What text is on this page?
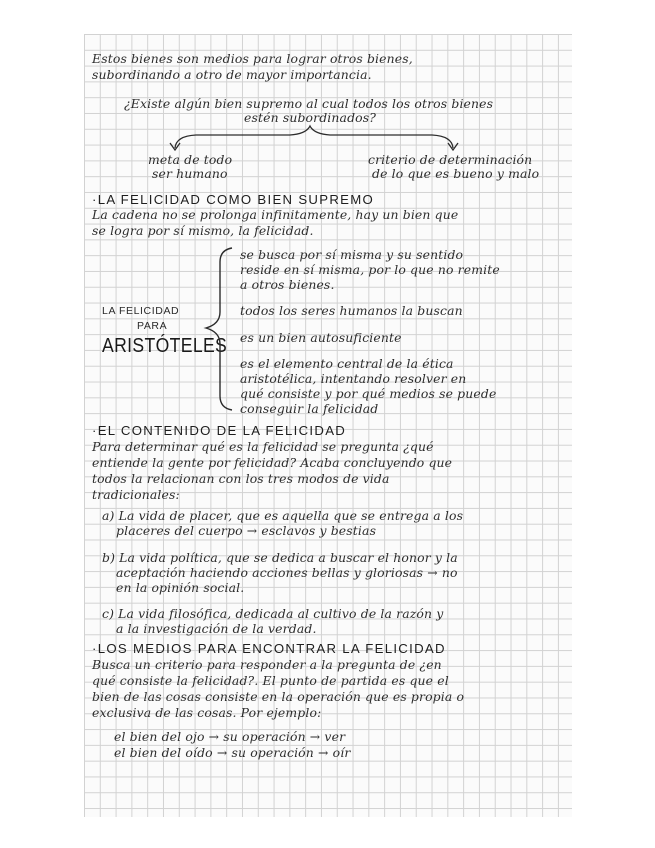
Estos bienes son medios para lograr otros bienes,

subordinando a otro de mayor importancia.

¿Existe algún bien supremo al cual todos los otros bienes

estén subordinados?

meta de todo

ser humano

criterio de determinación

de lo que es bueno y malo

·LA FELICIDAD COMO BIEN SUPREMO

La cadena no se prolonga infinitamente, hay un bien que

se logra por sí mismo, la felicidad.

LA FELICIDAD
PARA
ARISTÓTELES

se busca por sí misma y su sentido

reside en sí misma, por lo que no remite

a otros bienes.

todos los seres humanos la buscan

es un bien autosuficiente

es el elemento central de la ética

aristotélica, intentando resolver en

qué consiste y por qué medios se puede

conseguir la felicidad

·EL CONTENIDO DE LA FELICIDAD

Para determinar qué es la felicidad se pregunta ¿qué

entiende la gente por felicidad? Acaba concluyendo que

todos la relacionan con los tres modos de vida

tradicionales:

a) La vida de placer, que es aquella que se entrega a los

placeres del cuerpo → esclavos y bestias

b) La vida política, que se dedica a buscar el honor y la

aceptación haciendo acciones bellas y gloriosas → no

en la opinión social.

c) La vida filosófica, dedicada al cultivo de la razón y

a la investigación de la verdad.

·LOS MEDIOS PARA ENCONTRAR LA FELICIDAD

Busca un criterio para responder a la pregunta de ¿en

qué consiste la felicidad?. El punto de partida es que el

bien de las cosas consiste en la operación que es propia o

exclusiva de las cosas. Por ejemplo:

el bien del ojo → su operación → ver

el bien del oído → su operación → oír
